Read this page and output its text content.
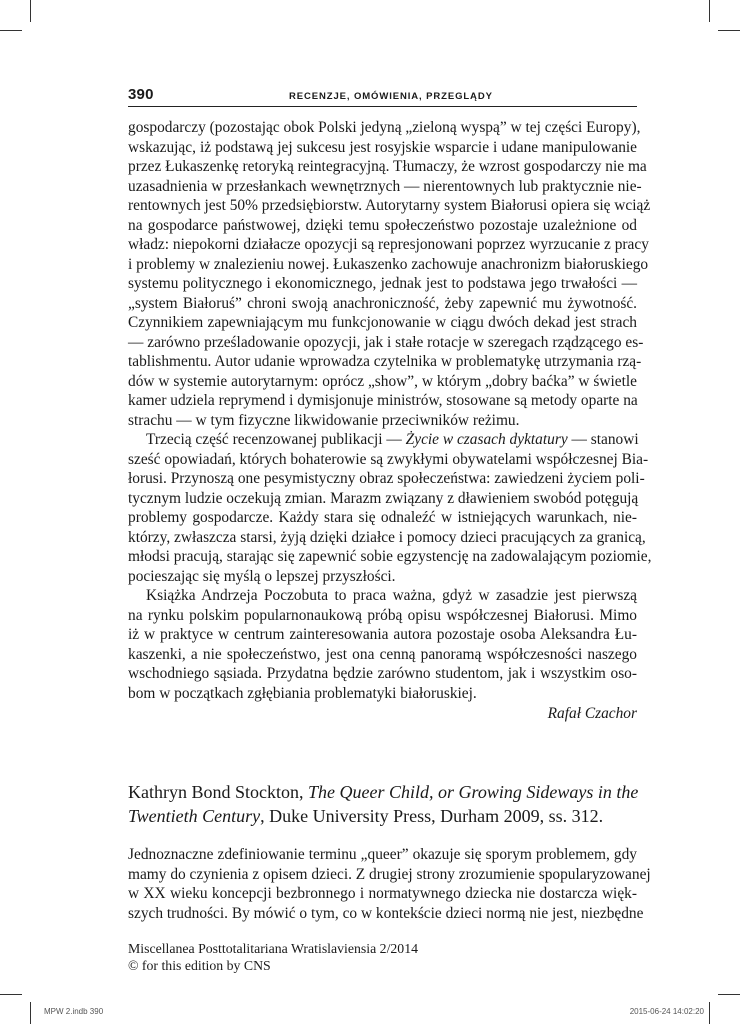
390	RECENZJE, OMÓWIENIA, PRZEGLĄDY
gospodarczy (pozostając obok Polski jedyną „zieloną wyspą” w tej części Europy),
wskazując, iż podstawą jej sukcesu jest rosyjskie wsparcie i udane manipulowanie
przez Łukaszenkę retoryką reintegracyjną. Tłumaczy, że wzrost gospodarczy nie ma
uzasadnienia w przesłankach wewnętrznych — nierentownych lub praktycznie nie-
rentownych jest 50% przedsiębiorstw. Autorytarny system Białorusi opiera się wciąż
na gospodarce państwowej, dzięki temu społeczeństwo pozostaje uzależnione od
władz: niepokorni działacze opozycji są represjonowani poprzez wyrzucanie z pracy
i problemy w znalezieniu nowej. Łukaszenko zachowuje anachronizm białoruskiego
systemu politycznego i ekonomicznego, jednak jest to podstawa jego trwałości —
„system Białoruś” chroni swoją anachroniczność, żeby zapewnić mu żywotność.
Czynnikiem zapewniającym mu funkcjonowanie w ciągu dwóch dekad jest strach
— zarówno prześladowanie opozycji, jak i stałe rotacje w szeregach rządzącego es-
tablishmentu. Autor udanie wprowadza czytelnika w problematykę utrzymania rzą-
dów w systemie autorytarnym: oprócz „show”, w którym „dobry baćka” w świetle
kamer udziela reprymend i dymisjonuje ministrów, stosowane są metody oparte na
strachu — w tym fizyczne likwidowanie przeciwników reżimu.
Trzecią część recenzowanej publikacji — Życie w czasach dyktatury — stanowi
sześć opowiadań, których bohaterowie są zwykłymi obywatelami współczesnej Bia-
łorusi. Przynoszą one pesymistyczny obraz społeczeństwa: zawiedzeni życiem poli-
tycznym ludzie oczekują zmian. Marazm związany z dławieniem swobód potęgują
problemy gospodarcze. Każdy stara się odnaleźć w istniejących warunkach, nie-
którzy, zwłaszcza starsi, żyją dzięki działce i pomocy dzieci pracujących za granicą,
młodsi pracują, starając się zapewnić sobie egzystencję na zadowalającym poziomie,
pocieszając się myślą o lepszej przyszłości.
Książka Andrzeja Poczobuta to praca ważna, gdyż w zasadzie jest pierwszą
na rynku polskim popularnonaukową próbą opisu współczesnej Białorusi. Mimo
iż w praktyce w centrum zainteresowania autora pozostaje osoba Aleksandra Łu-
kaszenki, a nie społeczeństwo, jest ona cenną panoramą współczesności naszego
wschodniego sąsiada. Przydatna będzie zarówno studentom, jak i wszystkim oso-
bom w początkach zgłębiania problematyki białoruskiej.
Rafał Czachor
Kathryn Bond Stockton, The Queer Child, or Growing Sideways in the
Twentieth Century, Duke University Press, Durham 2009, ss. 312.
Jednoznaczne zdefiniowanie terminu „queer” okazuje się sporym problemem, gdy
mamy do czynienia z opisem dzieci. Z drugiej strony zrozumienie spopularyzowanej
w XX wieku koncepcji bezbronnego i normatywnego dziecka nie dostarcza więk-
szych trudności. By mówić o tym, co w kontekście dzieci normą nie jest, niezbędne
Miscellanea Posttotalitariana Wratislaviensia 2/2014
© for this edition by CNS
MPW 2.indb 390	2015-06-24 14:02:20
